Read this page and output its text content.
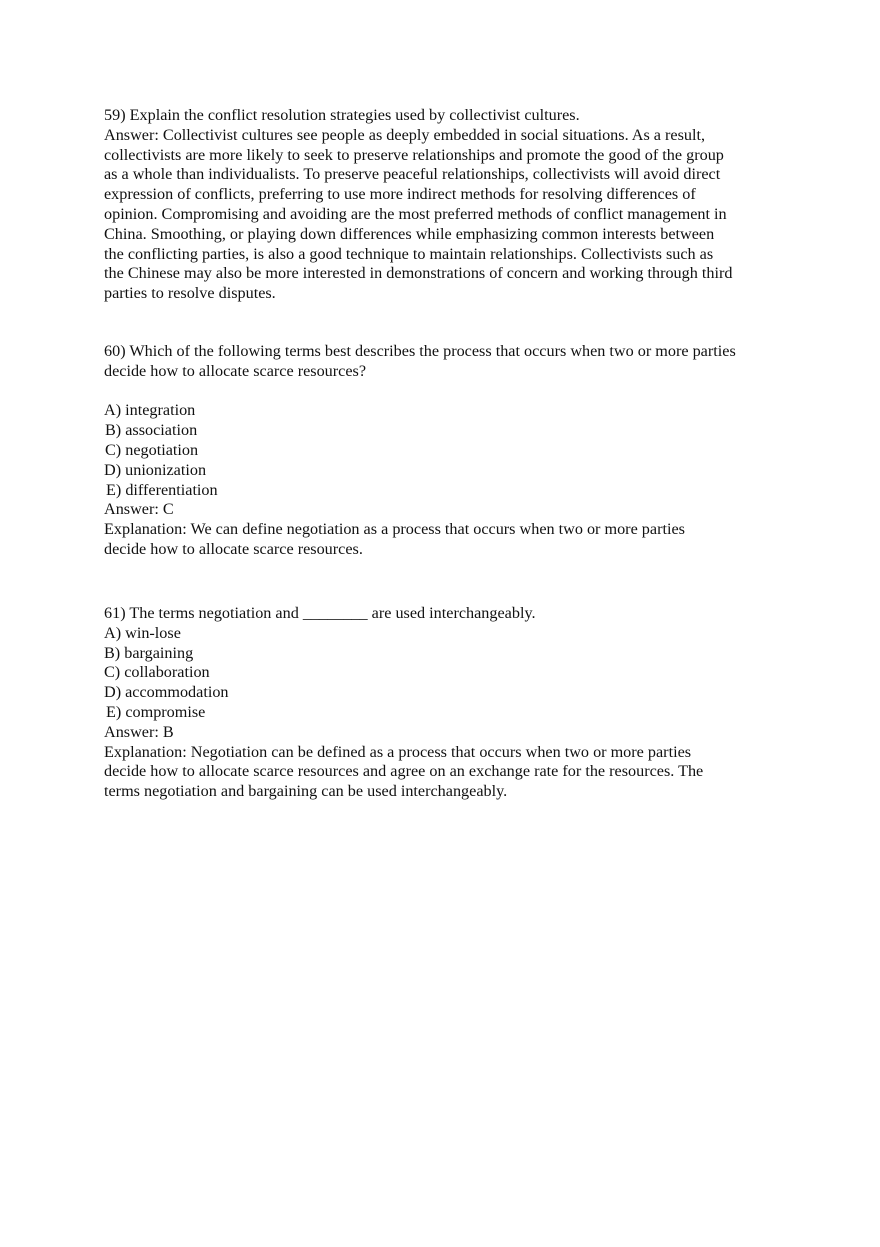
59) Explain the conflict resolution strategies used by collectivist cultures.
Answer: Collectivist cultures see people as deeply embedded in social situations. As a result,
collectivists are more likely to seek to preserve relationships and promote the good of the group
as a whole than individualists. To preserve peaceful relationships, collectivists will avoid direct
expression of conflicts, preferring to use more indirect methods for resolving differences of
opinion. Compromising and avoiding are the most preferred methods of conflict management in
China. Smoothing, or playing down differences while emphasizing common interests between
the conflicting parties, is also a good technique to maintain relationships. Collectivists such as
the Chinese may also be more interested in demonstrations of concern and working through third
parties to resolve disputes.
60) Which of the following terms best describes the process that occurs when two or more parties
decide how to allocate scarce resources?
A) integration
B) association
C) negotiation
D) unionization
E) differentiation
Answer: C
Explanation: We can define negotiation as a process that occurs when two or more parties
decide how to allocate scarce resources.
61) The terms negotiation and ________ are used interchangeably.
A) win-lose
B) bargaining
C) collaboration
D) accommodation
E) compromise
Answer: B
Explanation: Negotiation can be defined as a process that occurs when two or more parties
decide how to allocate scarce resources and agree on an exchange rate for the resources. The
terms negotiation and bargaining can be used interchangeably.
